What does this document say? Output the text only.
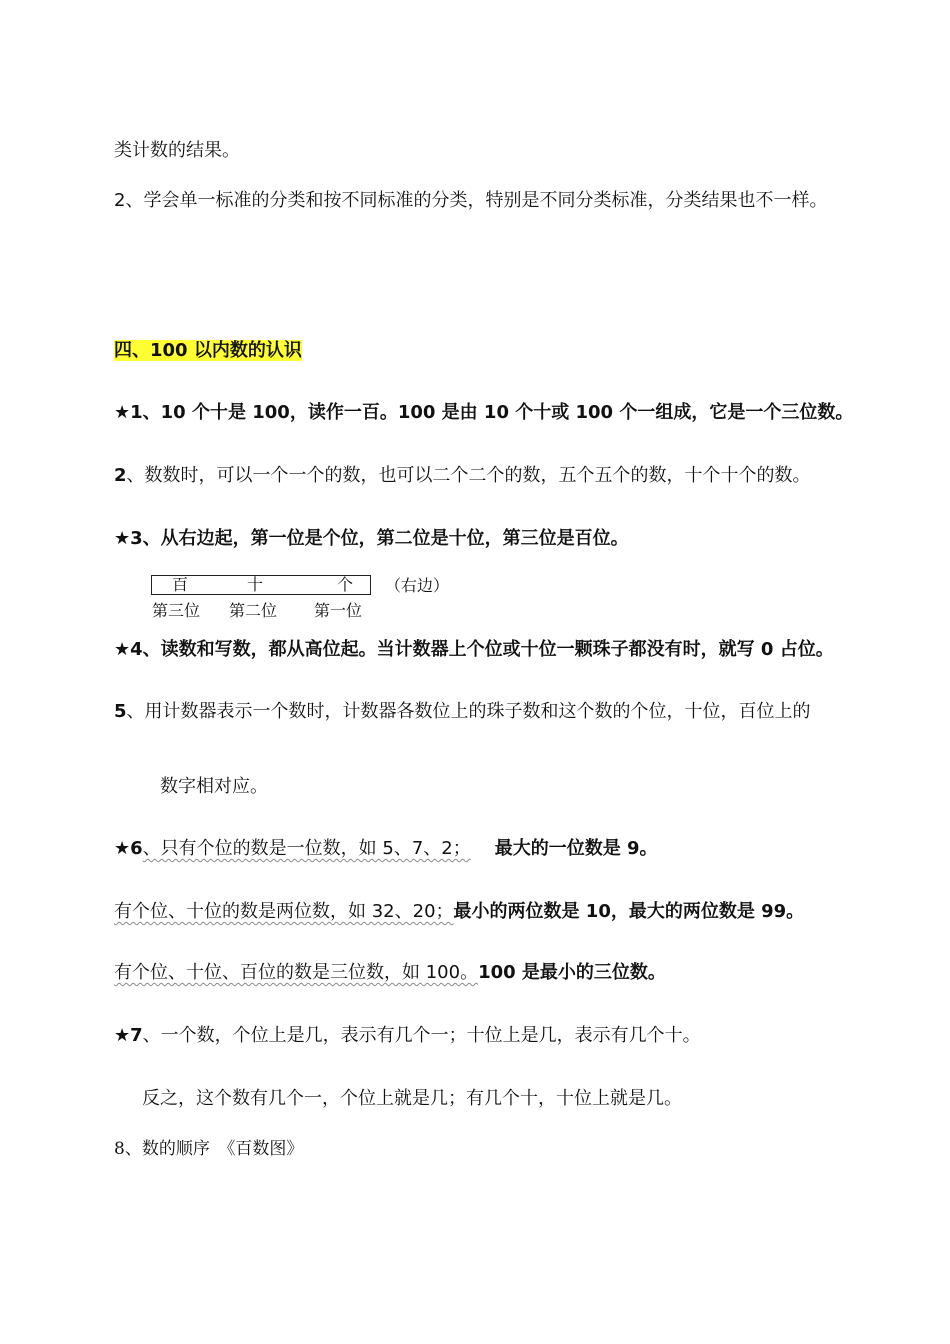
类计数的结果。
2、学会单一标准的分类和按不同标准的分类，特别是不同分类标准，分类结果也不一样。
四、100 以内数的认识
★1、10 个十是 100，读作一百。100 是由 10 个十或 100 个一组成，它是一个三位数。
2、数数时，可以一个一个的数，也可以二个二个的数，五个五个的数，十个十个的数。
★3、从右边起，第一位是个位，第二位是十位，第三位是百位。
百	十	个 （右边）
第三位 第二位 第一位
★4、读数和写数，都从高位起。当计数器上个位或十位一颗珠子都没有时，就写 0 占位。
5、用计数器表示一个数时，计数器各数位上的珠子数和这个数的个位，十位，百位上的
数字相对应。
★6、只有个位的数是一位数，如 5、7、2； 最大的一位数是 9。
有个位、十位的数是两位数，如 32、20；最小的两位数是 10，最大的两位数是 99。
有个位、十位、百位的数是三位数，如 100。100 是最小的三位数。
★7、一个数，个位上是几，表示有几个一；十位上是几，表示有几个十。
反之，这个数有几个一，个位上就是几；有几个十，十位上就是几。
8、数的顺序　《百数图》
